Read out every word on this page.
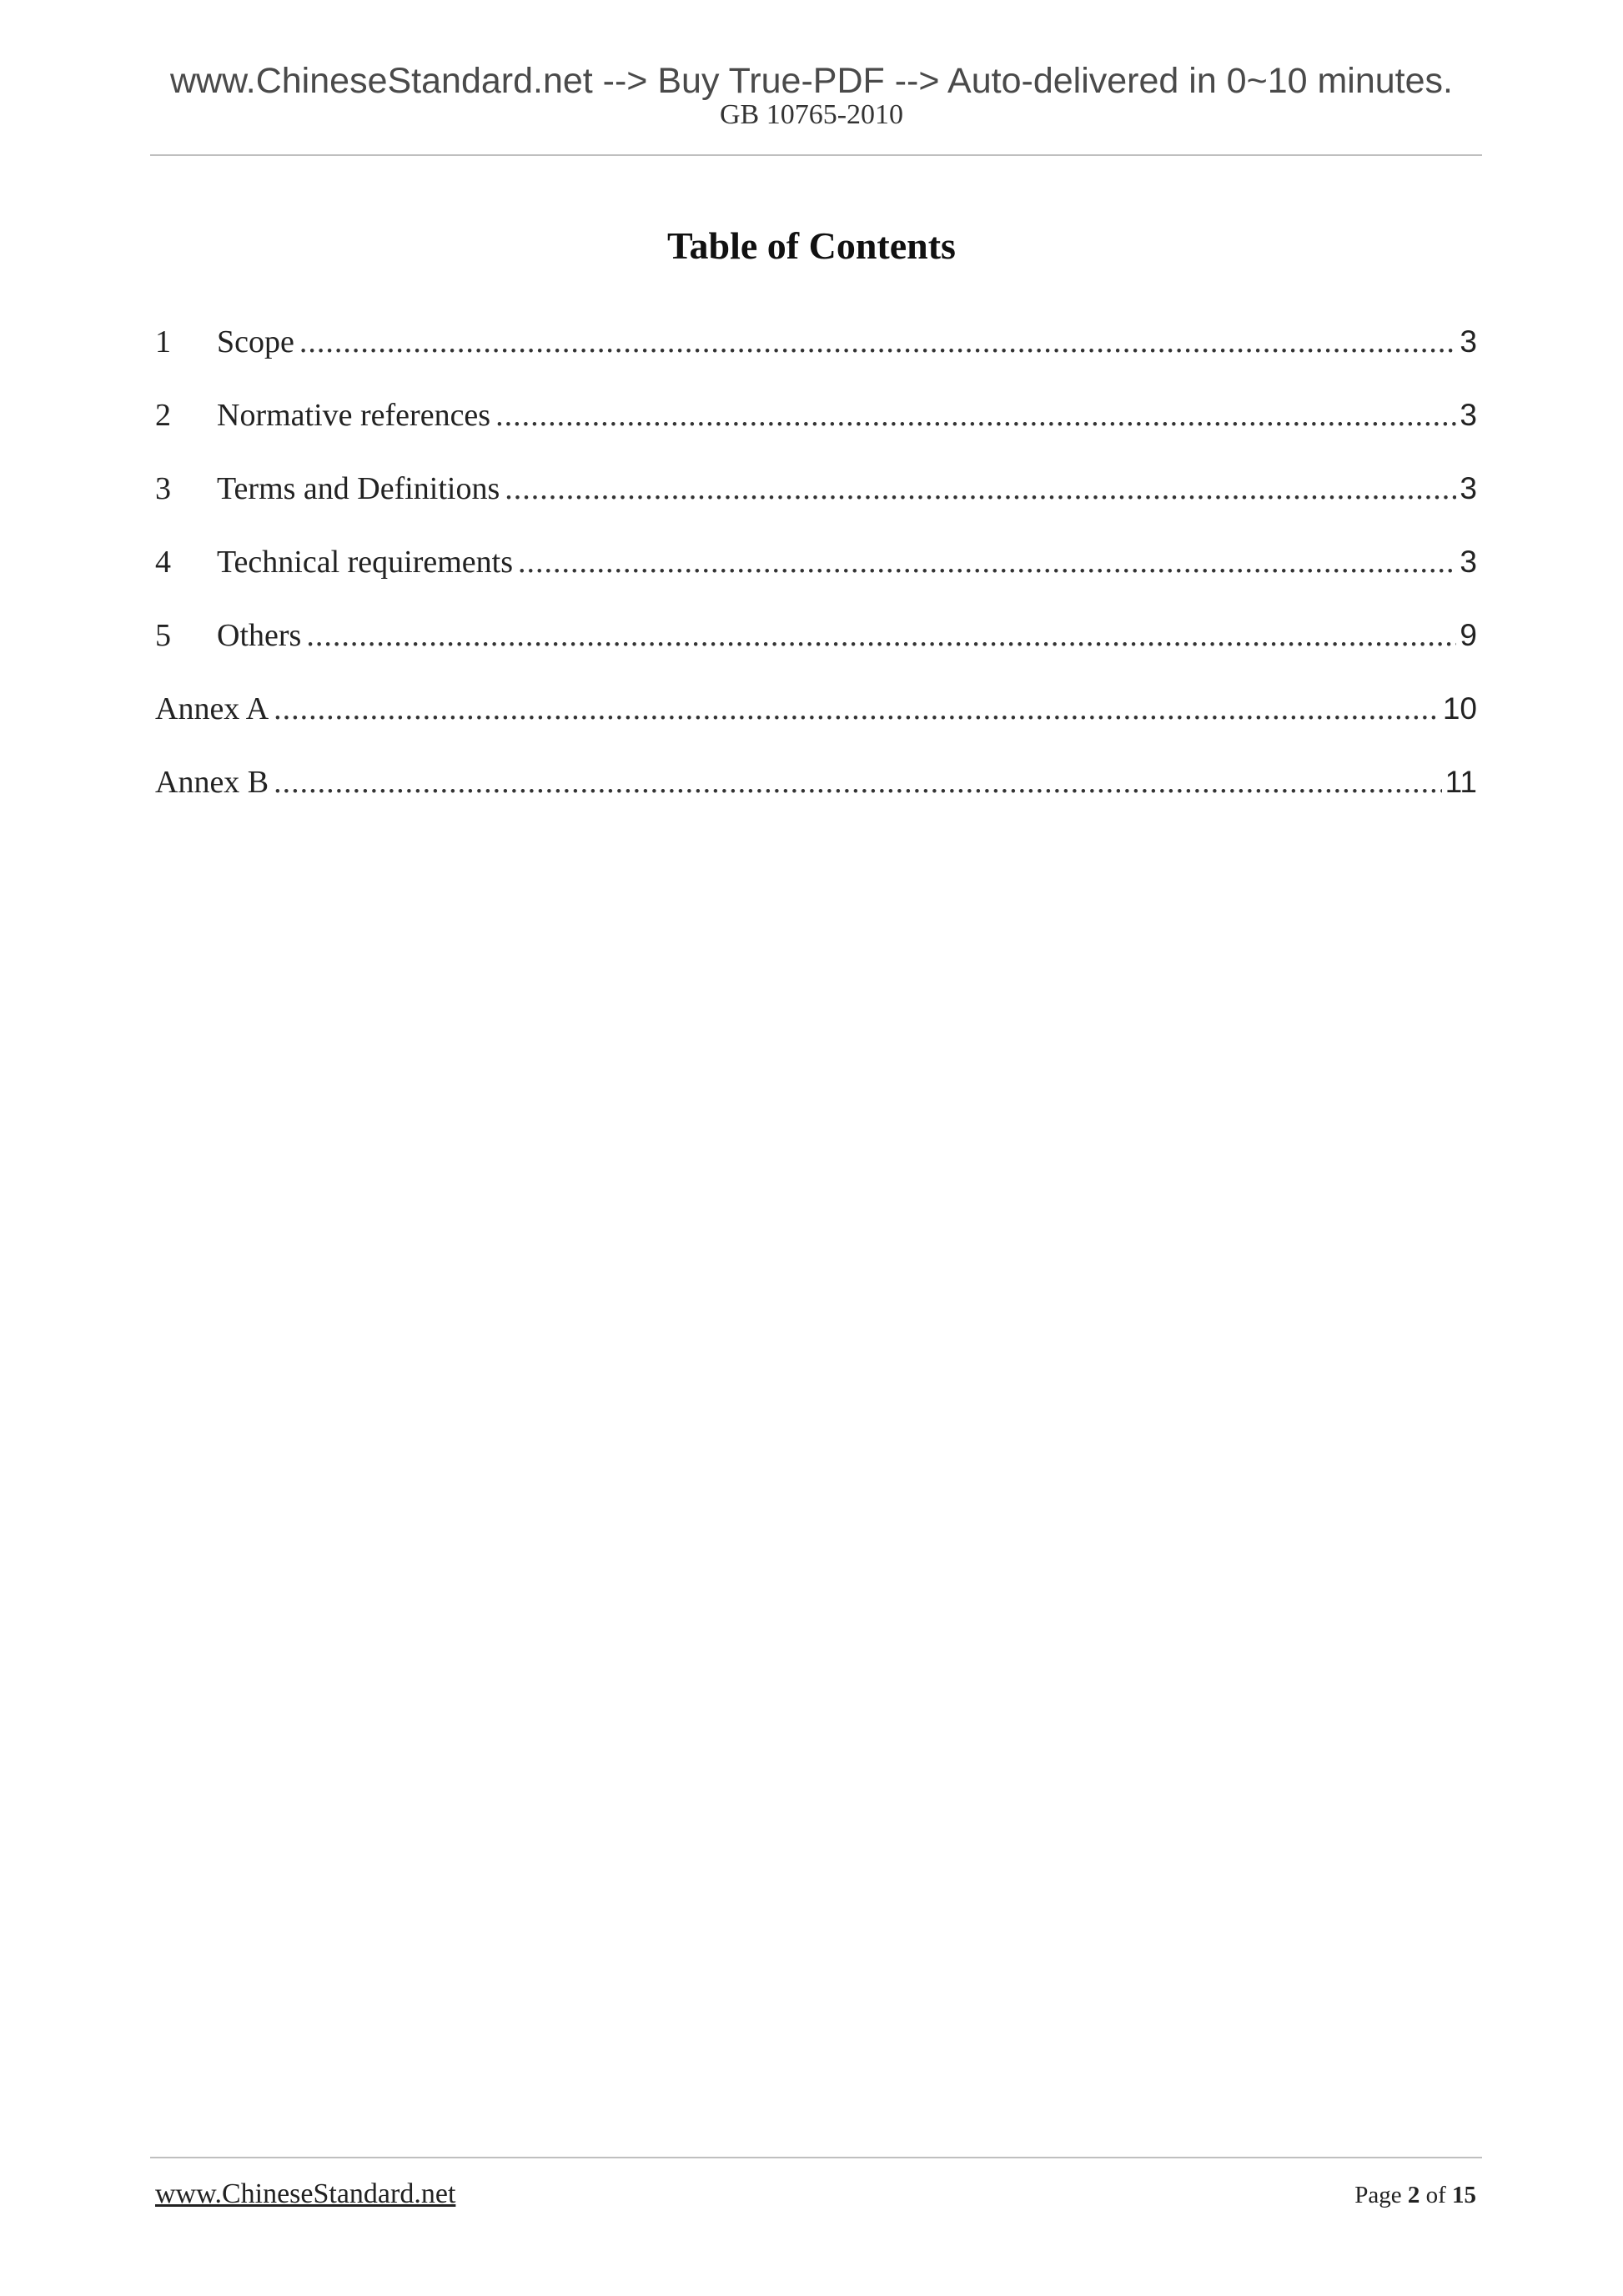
www.ChineseStandard.net --> Buy True-PDF --> Auto-delivered in 0~10 minutes.
GB 10765-2010
Table of Contents
1	Scope .....	3
2	Normative references .....	3
3	Terms and Definitions .....	3
4	Technical requirements .....	3
5	Others .....	9
Annex A .....	10
Annex B .....	11
www.ChineseStandard.net	Page 2 of 15
